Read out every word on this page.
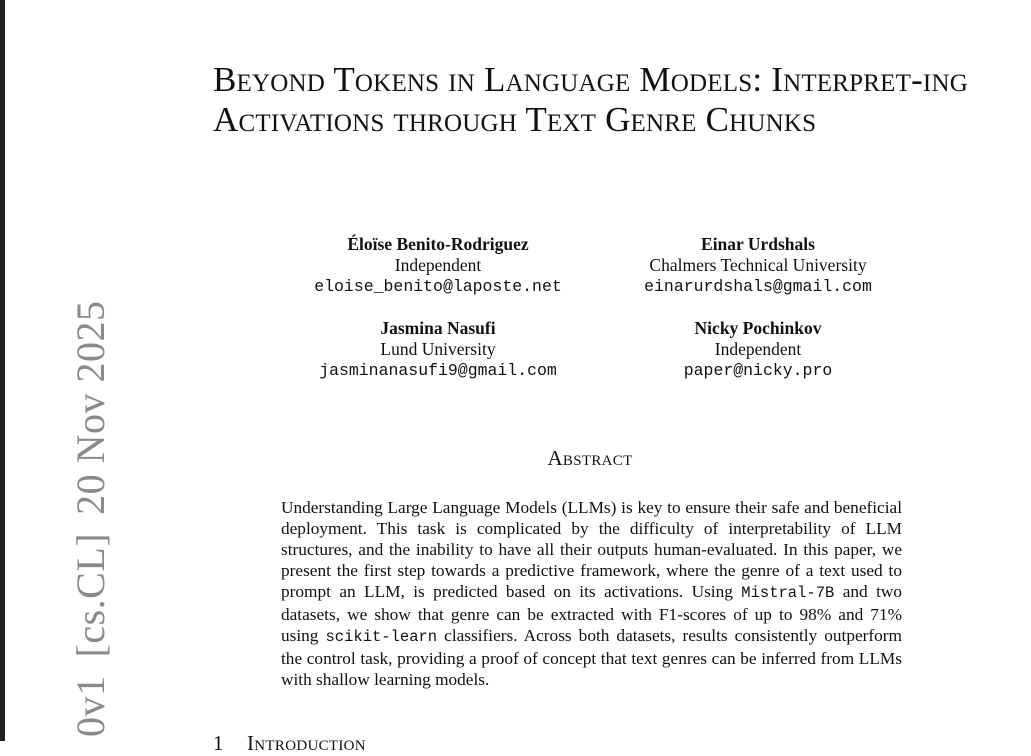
0v1[cs.CL]20 Nov 2025
Beyond Tokens in Language Models: Interpret-ing Activations through Text Genre Chunks
Éloïse Benito-Rodriguez
Independent
eloise_benito@laposte.net
Einar Urdshals
Chalmers Technical University
einarurdshals@gmail.com
Jasmina Nasufi
Lund University
jasminanasufi9@gmail.com
Nicky Pochinkov
Independent
paper@nicky.pro
Abstract

Understanding Large Language Models (LLMs) is key to ensure their safe and beneficial deployment. This task is complicated by the difficulty of interpretability of LLM structures, and the inability to have all their outputs human-evaluated. In this paper, we present the first step towards a predictive framework, where the genre of a text used to prompt an LLM, is predicted based on its activations. Using Mistral-7B and two datasets, we show that genre can be extracted with F1-scores of up to 98% and 71% using scikit-learn classifiers. Across both datasets, results consistently outperform the control task, providing a proof of concept that text genres can be inferred from LLMs with shallow learning models.

1 Introduction
